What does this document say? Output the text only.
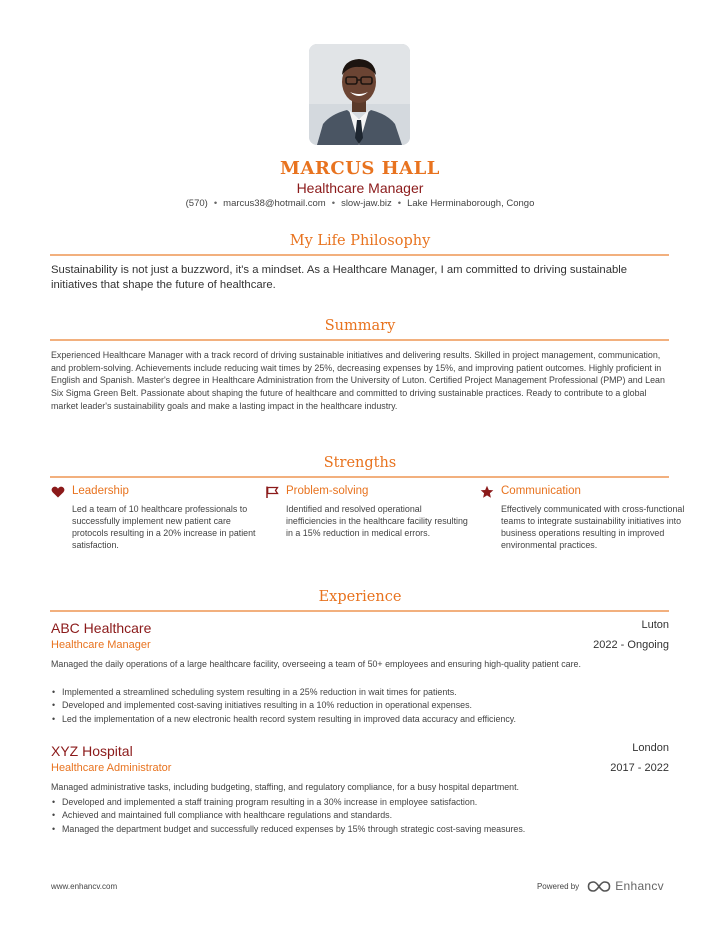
MARCUS HALL
Healthcare Manager
(570) • marcus38@hotmail.com • slow-jaw.biz • Lake Herminaborough, Congo
My Life Philosophy
Sustainability is not just a buzzword, it's a mindset. As a Healthcare Manager, I am committed to driving sustainable initiatives that shape the future of healthcare.
Summary
Experienced Healthcare Manager with a track record of driving sustainable initiatives and delivering results. Skilled in project management, communication, and problem-solving. Achievements include reducing wait times by 25%, decreasing expenses by 15%, and improving patient outcomes. Highly proficient in English and Spanish. Master's degree in Healthcare Administration from the University of Luton. Certified Project Management Professional (PMP) and Lean Six Sigma Green Belt. Passionate about shaping the future of healthcare and committed to driving sustainable practices. Ready to contribute to a global market leader's sustainability goals and make a lasting impact in the healthcare industry.
Strengths
Leadership
Led a team of 10 healthcare professionals to successfully implement new patient care protocols resulting in a 20% increase in patient satisfaction.
Problem-solving
Identified and resolved operational inefficiencies in the healthcare facility resulting in a 15% reduction in medical errors.
Communication
Effectively communicated with cross-functional teams to integrate sustainability initiatives into business operations resulting in improved environmental practices.
Experience
ABC Healthcare	Luton
Healthcare Manager	2022 - Ongoing
Managed the daily operations of a large healthcare facility, overseeing a team of 50+ employees and ensuring high-quality patient care.
• Implemented a streamlined scheduling system resulting in a 25% reduction in wait times for patients.
• Developed and implemented cost-saving initiatives resulting in a 10% reduction in operational expenses.
• Led the implementation of a new electronic health record system resulting in improved data accuracy and efficiency.
XYZ Hospital	London
Healthcare Administrator	2017 - 2022
Managed administrative tasks, including budgeting, staffing, and regulatory compliance, for a busy hospital department.
• Developed and implemented a staff training program resulting in a 30% increase in employee satisfaction.
• Achieved and maintained full compliance with healthcare regulations and standards.
• Managed the department budget and successfully reduced expenses by 15% through strategic cost-saving measures.
www.enhancv.com	Powered by	Enhancv
